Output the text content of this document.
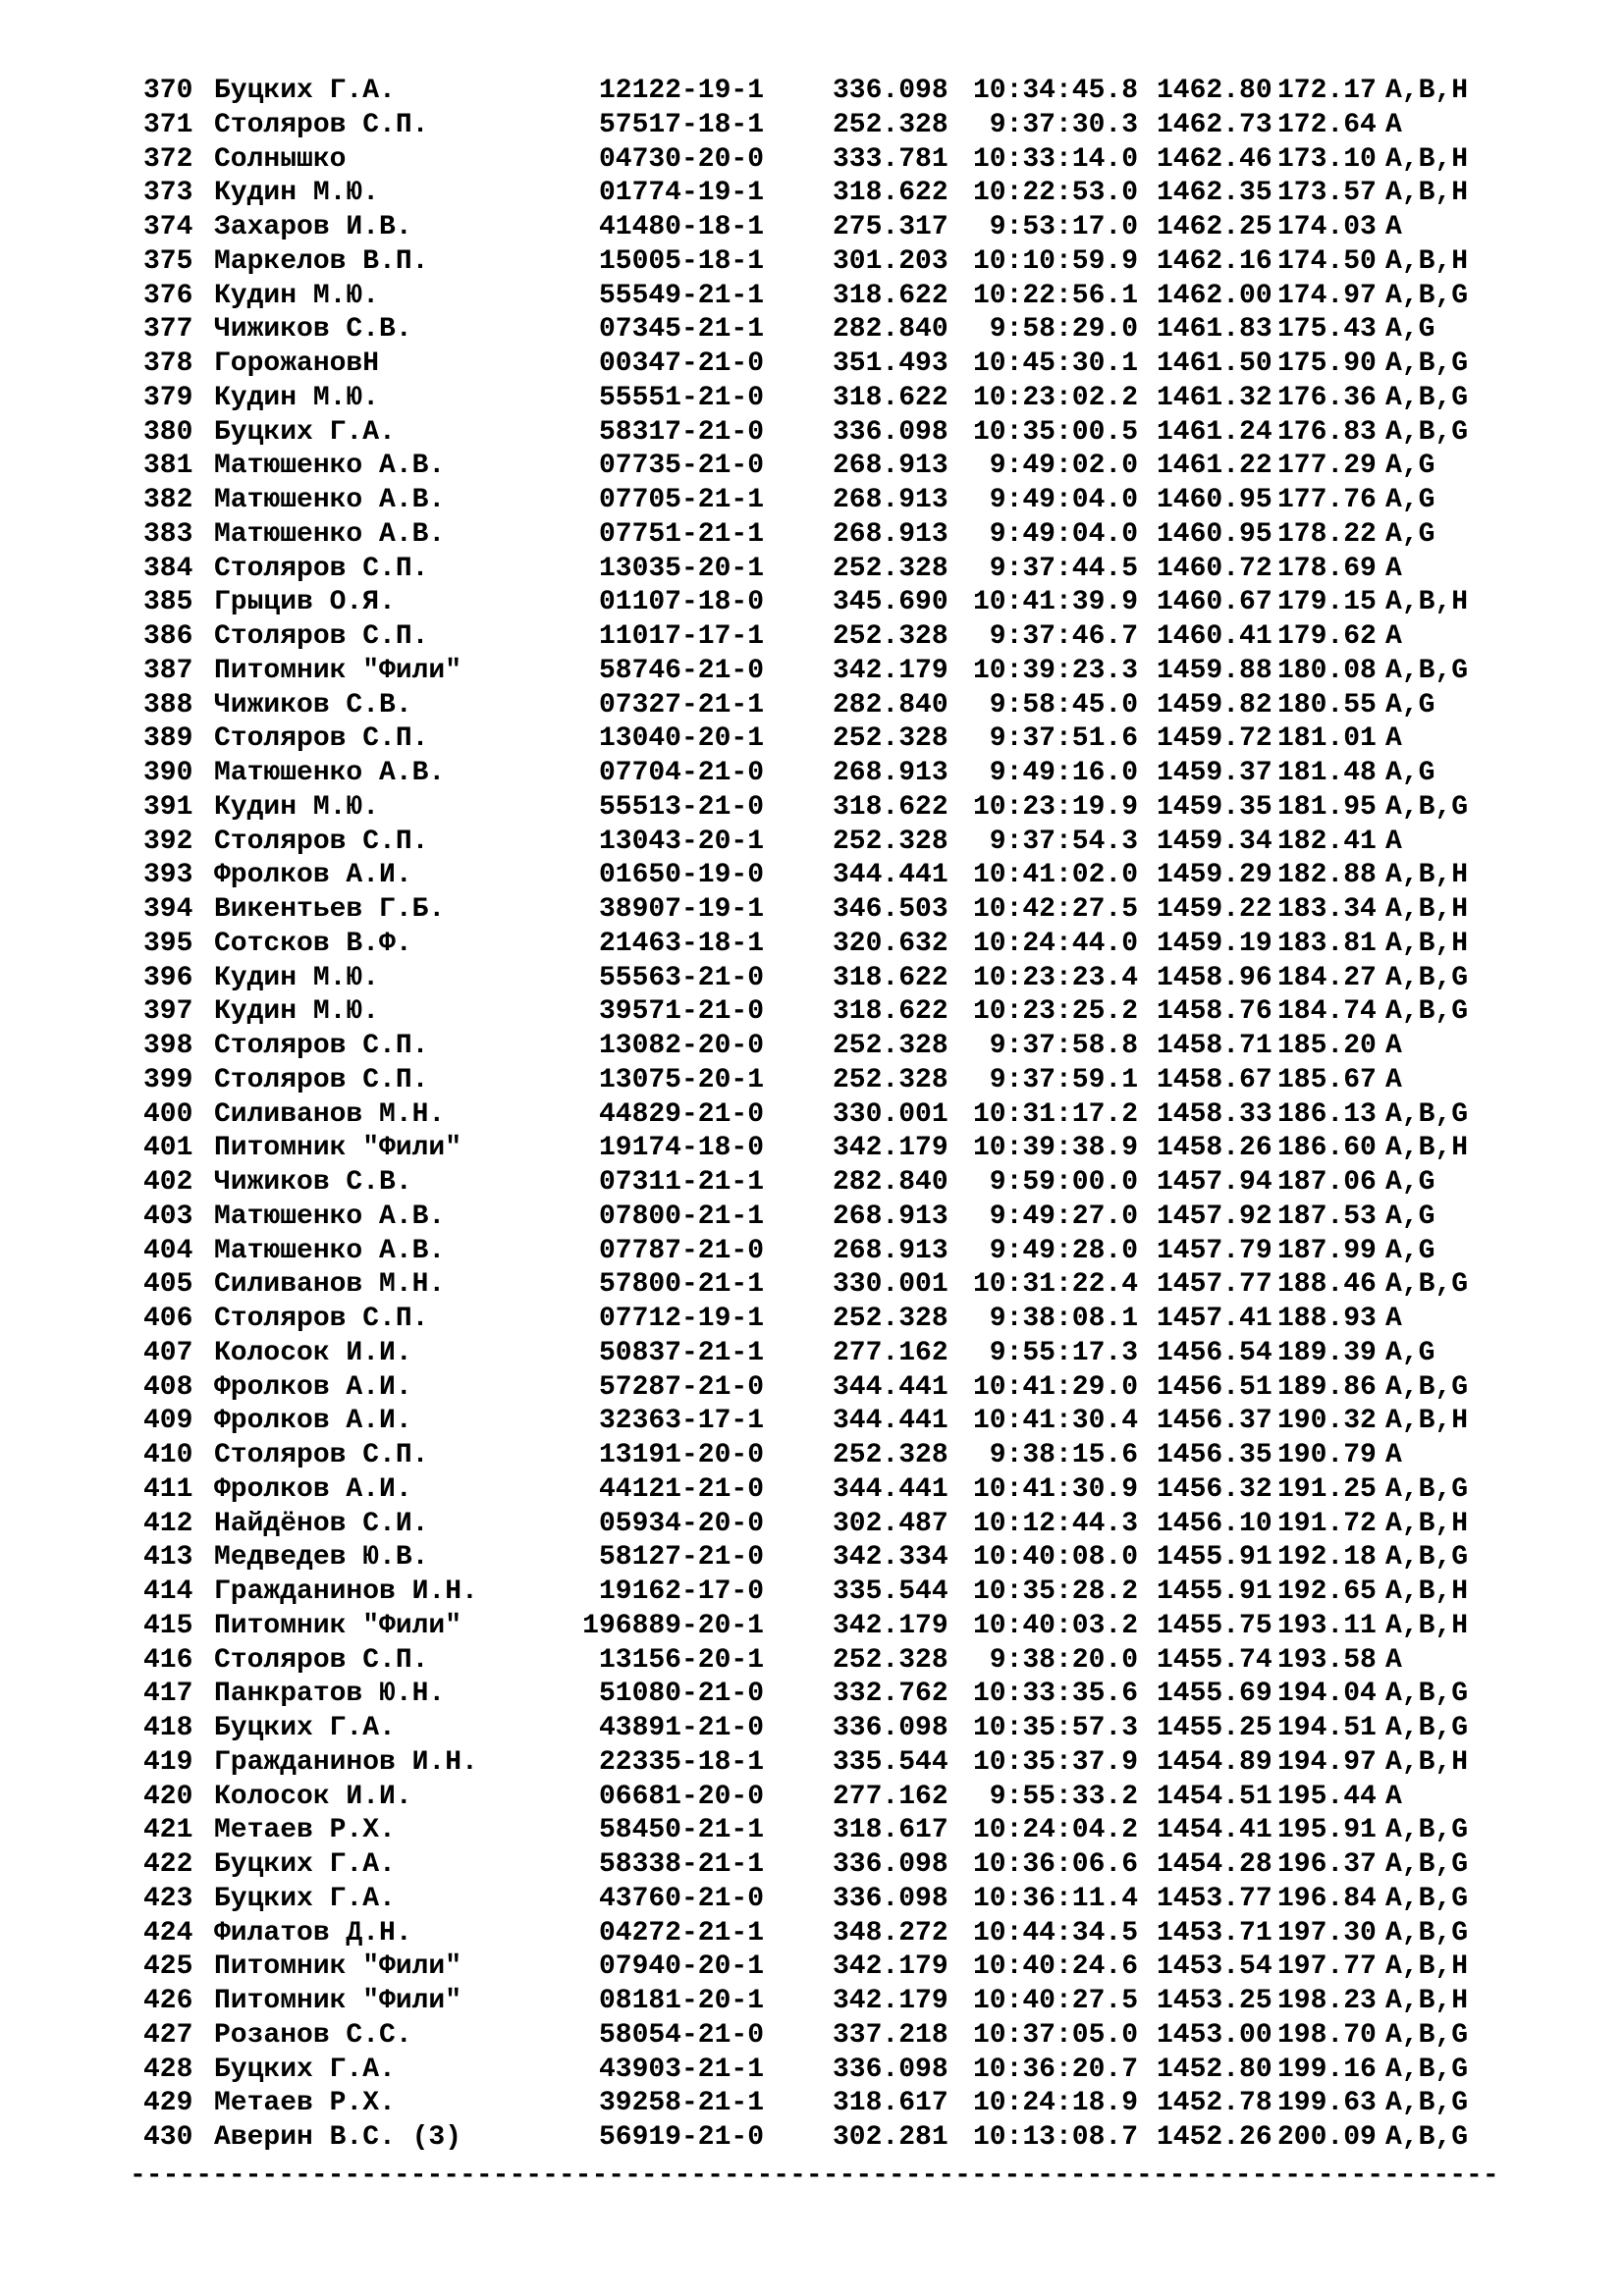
370 Буцких Г.А.	12122-19-1	336.098 10:34:45.8 1462.80 172.17 A,B,H
371 Столяров С.П.	57517-18-1	252.328	9:37:30.3 1462.73 172.64 A
372 Солнышко	04730-20-0	333.781 10:33:14.0 1462.46 173.10 A,B,H
373 Кудин М.Ю.	01774-19-1	318.622 10:22:53.0 1462.35 173.57 A,B,H
374 Захаров И.В.	41480-18-1	275.317	9:53:17.0 1462.25 174.03 A
375 Маркелов В.П.	15005-18-1	301.203 10:10:59.9 1462.16 174.50 A,B,H
376 Кудин М.Ю.	55549-21-1	318.622 10:22:56.1 1462.00 174.97 A,B,G
377 Чижиков С.В.	07345-21-1	282.840	9:58:29.0 1461.83 175.43 A,G
378 ГорожановН	00347-21-0	351.493 10:45:30.1 1461.50 175.90 A,B,G
379 Кудин М.Ю.	55551-21-0	318.622 10:23:02.2 1461.32 176.36 A,B,G
380 Буцких Г.А.	58317-21-0	336.098 10:35:00.5 1461.24 176.83 A,B,G
381 Матюшенко А.В.	07735-21-0	268.913	9:49:02.0 1461.22 177.29 A,G
382 Матюшенко А.В.	07705-21-1	268.913	9:49:04.0 1460.95 177.76 A,G
383 Матюшенко А.В.	07751-21-1	268.913	9:49:04.0 1460.95 178.22 A,G
384 Столяров С.П.	13035-20-1	252.328	9:37:44.5 1460.72 178.69 A
385 Грыцив О.Я.	01107-18-0	345.690 10:41:39.9 1460.67 179.15 A,B,H
386 Столяров С.П.	11017-17-1	252.328	9:37:46.7 1460.41 179.62 A
387 Питомник "Фили"	58746-21-0	342.179 10:39:23.3 1459.88 180.08 A,B,G
388 Чижиков С.В.	07327-21-1	282.840	9:58:45.0 1459.82 180.55 A,G
389 Столяров С.П.	13040-20-1	252.328	9:37:51.6 1459.72 181.01 A
390 Матюшенко А.В.	07704-21-0	268.913	9:49:16.0 1459.37 181.48 A,G
391 Кудин М.Ю.	55513-21-0	318.622 10:23:19.9 1459.35 181.95 A,B,G
392 Столяров С.П.	13043-20-1	252.328	9:37:54.3 1459.34 182.41 A
393 Фролков А.И.	01650-19-0	344.441 10:41:02.0 1459.29 182.88 A,B,H
394 Викентьев Г.Б.	38907-19-1	346.503 10:42:27.5 1459.22 183.34 A,B,H
395 Сотсков В.Ф.	21463-18-1	320.632 10:24:44.0 1459.19 183.81 A,B,H
396 Кудин М.Ю.	55563-21-0	318.622 10:23:23.4 1458.96 184.27 A,B,G
397 Кудин М.Ю.	39571-21-0	318.622 10:23:25.2 1458.76 184.74 A,B,G
398 Столяров С.П.	13082-20-0	252.328	9:37:58.8 1458.71 185.20 A
399 Столяров С.П.	13075-20-1	252.328	9:37:59.1 1458.67 185.67 A
400 Силиванов М.Н.	44829-21-0	330.001 10:31:17.2 1458.33 186.13 A,B,G
401 Питомник "Фили"	19174-18-0	342.179 10:39:38.9 1458.26 186.60 A,B,H
402 Чижиков С.В.	07311-21-1	282.840	9:59:00.0 1457.94 187.06 A,G
403 Матюшенко А.В.	07800-21-1	268.913	9:49:27.0 1457.92 187.53 A,G
404 Матюшенко А.В.	07787-21-0	268.913	9:49:28.0 1457.79 187.99 A,G
405 Силиванов М.Н.	57800-21-1	330.001 10:31:22.4 1457.77 188.46 A,B,G
406 Столяров С.П.	07712-19-1	252.328	9:38:08.1 1457.41 188.93 A
407 Колосок И.И.	50837-21-1	277.162	9:55:17.3 1456.54 189.39 A,G
408 Фролков А.И.	57287-21-0	344.441 10:41:29.0 1456.51 189.86 A,B,G
409 Фролков А.И.	32363-17-1	344.441 10:41:30.4 1456.37 190.32 A,B,H
410 Столяров С.П.	13191-20-0	252.328	9:38:15.6 1456.35 190.79 A
411 Фролков А.И.	44121-21-0	344.441 10:41:30.9 1456.32 191.25 A,B,G
412 Найдёнов С.И.	05934-20-0	302.487 10:12:44.3 1456.10 191.72 A,B,H
413 Медведев Ю.В.	58127-21-0	342.334 10:40:08.0 1455.91 192.18 A,B,G
414 Гражданинов И.Н.	19162-17-0	335.544 10:35:28.2 1455.91 192.65 A,B,H
415 Питомник "Фили"	196889-20-1	342.179 10:40:03.2 1455.75 193.11 A,B,H
416 Столяров С.П.	13156-20-1	252.328	9:38:20.0 1455.74 193.58 A
417 Панкратов Ю.Н.	51080-21-0	332.762 10:33:35.6 1455.69 194.04 A,B,G
418 Буцких Г.А.	43891-21-0	336.098 10:35:57.3 1455.25 194.51 A,B,G
419 Гражданинов И.Н.	22335-18-1	335.544 10:35:37.9 1454.89 194.97 A,B,H
420 Колосок И.И.	06681-20-0	277.162	9:55:33.2 1454.51 195.44 A
421 Метаев Р.Х.	58450-21-1	318.617 10:24:04.2 1454.41 195.91 A,B,G
422 Буцких Г.А.	58338-21-1	336.098 10:36:06.6 1454.28 196.37 A,B,G
423 Буцких Г.А.	43760-21-0	336.098 10:36:11.4 1453.77 196.84 A,B,G
424 Филатов Д.Н.	04272-21-1	348.272 10:44:34.5 1453.71 197.30 A,B,G
425 Питомник "Фили"	07940-20-1	342.179 10:40:24.6 1453.54 197.77 A,B,H
426 Питомник "Фили"	08181-20-1	342.179 10:40:27.5 1453.25 198.23 A,B,H
427 Розанов С.С.	58054-21-0	337.218 10:37:05.0 1453.00 198.70 A,B,G
428 Буцких Г.А.	43903-21-1	336.098 10:36:20.7 1452.80 199.16 A,B,G
429 Метаев Р.Х.	39258-21-1	318.617 10:24:18.9 1452.78 199.63 A,B,G
430 Аверин В.С. (3)	56919-21-0	302.281 10:13:08.7 1452.26 200.09 A,B,G
-----------------------------------------------------------------------------------
